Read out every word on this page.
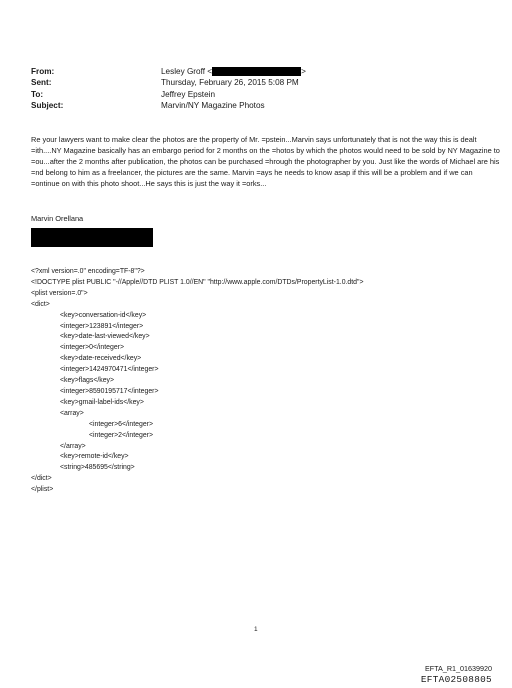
From:	Lesley Groff <	>
Sent:	Thursday, February 26, 2015 5:08 PM
To:	Jeffrey Epstein
Subject:	Marvin/NY Magazine Photos

Re your lawyers want to make clear the photos are the property of Mr. =pstein...Marvin says unfortunately that is not the way this is dealt =ith....NY Magazine basically has an embargo period for 2 months on the =hotos by which the photos would need to be sold by NY Magazine to =ou...after the 2 months after publication, the photos can be purchased =hrough the photographer by you. Just like the words of Michael are his =nd belong to him as a freelancer, the pictures are the same. Marvin =ays he needs to know asap if this will be a problem and if we can =ontinue on with this photo shoot...He says this is just the way it =orks...

Marvin Orellana
<?xml version=.0" encoding=TF-8"?>
<!DOCTYPE plist PUBLIC "-//Apple//DTD PLIST 1.0//EN" "http://www.apple.com/DTDs/PropertyList-1.0.dtd">
<plist version=.0">
<dict>
<key>conversation-id</key>
<integer>123891</integer>
<key>date-last-viewed</key>
<integer>0</integer>
<key>date-received</key>
<integer>1424970471</integer>
<key>flags</key>
<integer>8590195717</integer>
<key>gmail-label-ids</key>
<array>
<integer>6</integer>
<integer>2</integer>
</array>
<key>remote-id</key>
<string>485695</string>
</dict>
</plist>
1
EFTA_R1_01639920
EFTA02508805
